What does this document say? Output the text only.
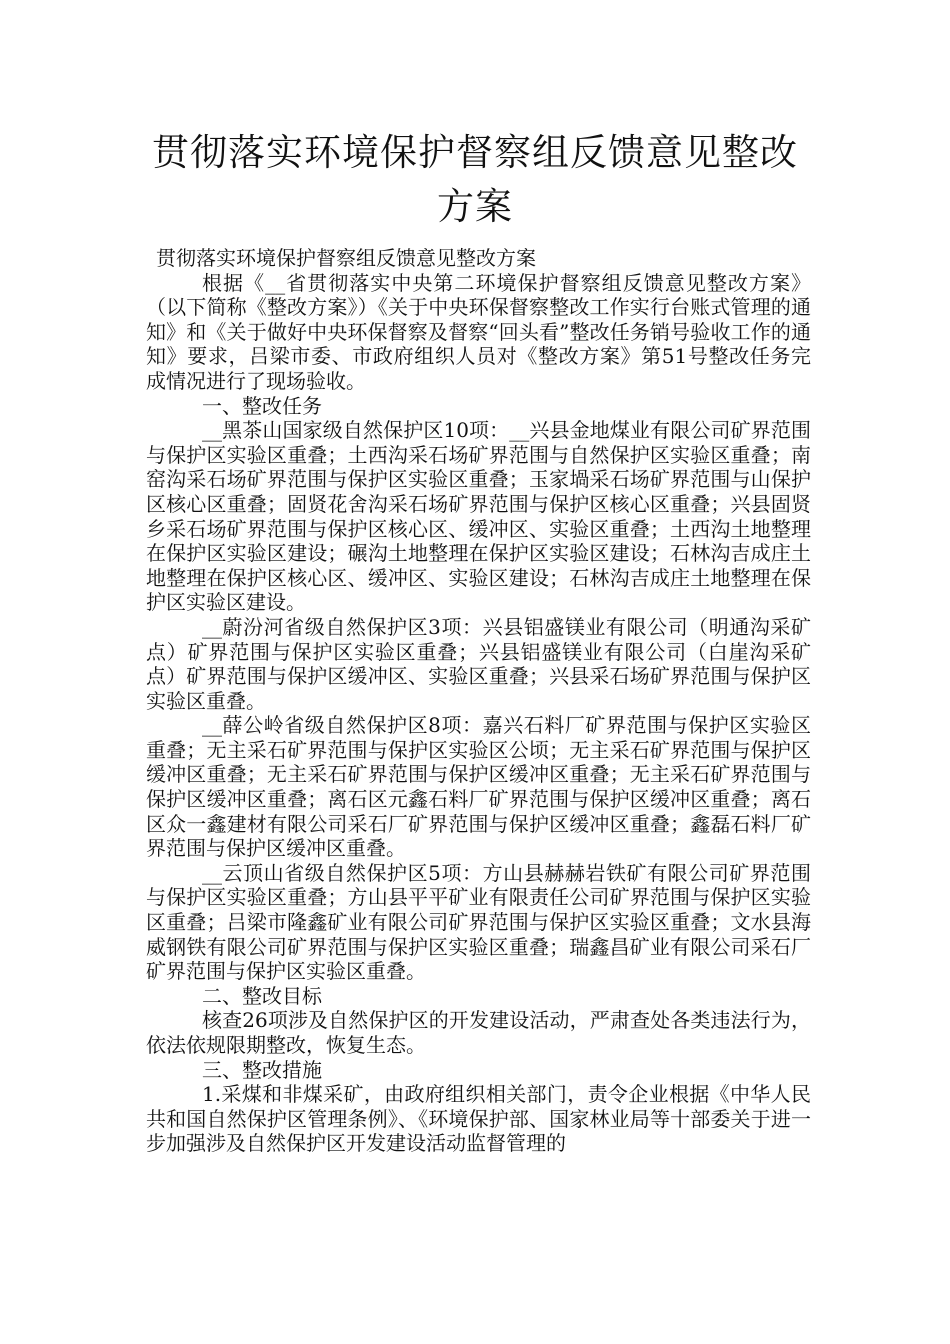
贯彻落实环境保护督察组反馈意见整改方案

贯彻落实环境保护督察组反馈意见整改方案

根据《__省贯彻落实中央第二环境保护督察组反馈意见整改方案》（以下简称《整改方案》）《关于中央环保督察整改工作实行台账式管理的通知》和《关于做好中央环保督察及督察“回头看”整改任务销号验收工作的通知》要求，吕梁市委、市政府组织人员对《整改方案》第51号整改任务完成情况进行了现场验收。

一、整改任务

__黑茶山国家级自然保护区10项：__兴县金地煤业有限公司矿界范围与保护区实验区重叠；土西沟采石场矿界范围与自然保护区实验区重叠；南窑沟采石场矿界范围与保护区实验区重叠；玉家堝采石场矿界范围与山保护区核心区重叠；固贤花舍沟采石场矿界范围与保护区核心区重叠；兴县固贤乡采石场矿界范围与保护区核心区、缓冲区、实验区重叠；土西沟土地整理在保护区实验区建设；碾沟土地整理在保护区实验区建设；石林沟吉成庄土地整理在保护区核心区、缓冲区、实验区建设；石林沟吉成庄土地整理在保护区实验区建设。

__蔚汾河省级自然保护区3项：兴县铝盛镁业有限公司（明通沟采矿点）矿界范围与保护区实验区重叠；兴县铝盛镁业有限公司（白崖沟采矿点）矿界范围与保护区缓冲区、实验区重叠；兴县采石场矿界范围与保护区实验区重叠。

__薛公岭省级自然保护区8项：嘉兴石料厂矿界范围与保护区实验区重叠；无主采石矿界范围与保护区实验区公顷；无主采石矿界范围与保护区缓冲区重叠；无主采石矿界范围与保护区缓冲区重叠；无主采石矿界范围与保护区缓冲区重叠；离石区元鑫石料厂矿界范围与保护区缓冲区重叠；离石区众一鑫建材有限公司采石厂矿界范围与保护区缓冲区重叠；鑫磊石料厂矿界范围与保护区缓冲区重叠。

__云顶山省级自然保护区5项：方山县赫赫岩铁矿有限公司矿界范围与保护区实验区重叠；方山县平平矿业有限责任公司矿界范围与保护区实验区重叠；吕梁市隆鑫矿业有限公司矿界范围与保护区实验区重叠；文水县海威钢铁有限公司矿界范围与保护区实验区重叠；瑞鑫昌矿业有限公司采石厂矿界范围与保护区实验区重叠。

二、整改目标

核查26项涉及自然保护区的开发建设活动，严肃查处各类违法行为，依法依规限期整改，恢复生态。

三、整改措施

1.采煤和非煤采矿，由政府组织相关部门，责令企业根据《中华人民共和国自然保护区管理条例》、《环境保护部、国家林业局等十部委关于进一步加强涉及自然保护区开发建设活动监督管理的
